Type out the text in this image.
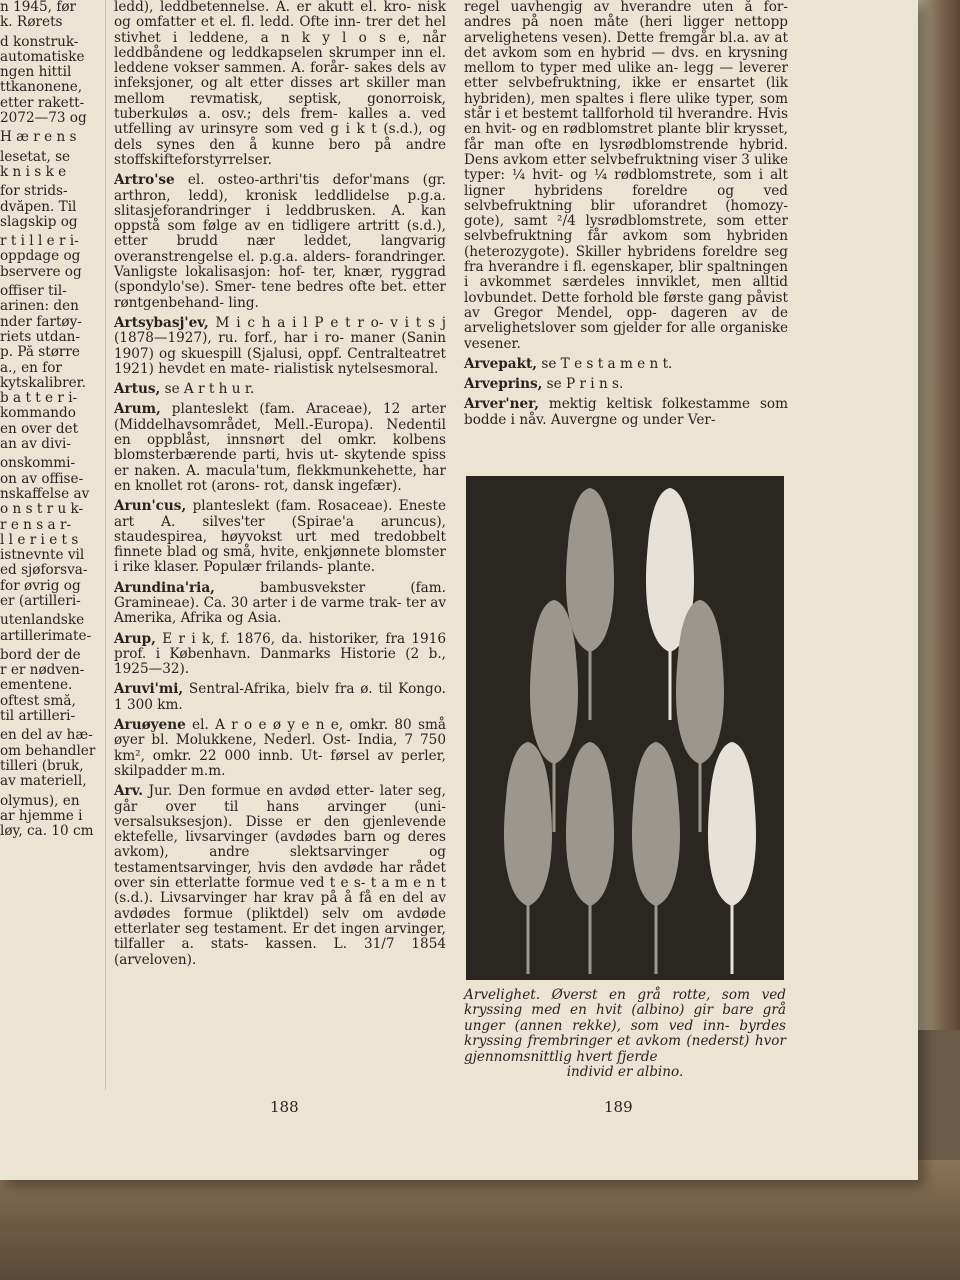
n 1945, før

k. Rørets

d konstruk-

automatiske

ngen hittil

ttkanonene,

etter rakett-

2072—73 og

H æ r e n s

lesetat, se

k n i s k e

for strids-

dvåpen. Til

slagskip og

r t i l l e r i-

oppdage og

bservere og

offiser til-

arinen: den

nder fartøy-

riets utdan-

p. På større

a., en for

kytskalibrer.

b a t t e r i-

kommando

en over det

an av divi-

onskommi-

on av offise-

nskaffelse av

o n s t r u k-

r e n s a r-

l l e r i e t s

istnevnte vil

ed sjøforsva-

for øvrig og

er (artilleri-

utenlandske

artillerimate-

bord der de

r er nødven-

ementene.

oftest små,

til artilleri-

en del av hæ-

om behandler

tilleri (bruk,

av materiell,

olymus), en

ar hjemme i

løy, ca. 10 cm

ledd), leddbetennelse. A. er akutt el. kro- nisk og omfatter et el. fl. ledd. Ofte inn- trer det hel stivhet i leddene, a n k y l o s e, når leddbåndene og leddkapselen skrumper inn el. leddene vokser sammen. A. forår- sakes dels av infeksjoner, og alt etter disses art skiller man mellom revmatisk, septisk, gonorroisk, tuberkuløs a. osv.; dels frem- kalles a. ved utfelling av urinsyre som ved g i k t (s.d.), og dels synes den å kunne bero på andre stoffskifteforstyrrelser.

Artro'se el. osteo-arthri'tis defor'mans (gr. arthron, ledd), kronisk leddlidelse p.g.a. slitasjeforandringer i leddbrusken. A. kan oppstå som følge av en tidligere artritt (s.d.), etter brudd nær leddet, langvarig overanstrengelse el. p.g.a. alders- forandringer. Vanligste lokalisasjon: hof- ter, knær, ryggrad (spondylo'se). Smer- tene bedres ofte bet. etter røntgenbehand- ling.

Artsybasj'ev, M i c h a i l P e t r o- v i t s j (1878—1927), ru. forf., har i ro- maner (Sanin 1907) og skuespill (Sjalusi, oppf. Centralteatret 1921) hevdet en mate- rialistisk nytelsesmoral.

Artus, se A r t h u r.

Arum, planteslekt (fam. Araceae), 12 arter (Middelhavsområdet, Mell.-Europa). Nedentil en oppblåst, innsnørt del omkr. kolbens blomsterbærende parti, hvis ut- skytende spiss er naken. A. macula'tum, flekkmunkehette, har en knollet rot (arons- rot, dansk ingefær).

Arun'cus, planteslekt (fam. Rosaceae). Eneste art A. silves'ter (Spirae'a aruncus), staudespirea, høyvokst urt med tredobbelt finnete blad og små, hvite, enkjønnete blomster i rike klaser. Populær frilands- plante.

Arundina'ria, bambusvekster (fam. Gramineae). Ca. 30 arter i de varme trak- ter av Amerika, Afrika og Asia.

Arup, E r i k, f. 1876, da. historiker, fra 1916 prof. i København. Danmarks Historie (2 b., 1925—32).

Aruvi'mi, Sentral-Afrika, bielv fra ø. til Kongo. 1 300 km.

Aruøyene el. A r o e ø y e n e, omkr. 80 små øyer bl. Molukkene, Nederl. Ost- India, 7 750 km², omkr. 22 000 innb. Ut- førsel av perler, skilpadder m.m.

Arv. Jur. Den formue en avdød etter- later seg, går over til hans arvinger (uni- versalsuksesjon). Disse er den gjenlevende ektefelle, livsarvinger (avdødes barn og deres avkom), andre slektsarvinger og testamentsarvinger, hvis den avdøde har rådet over sin etterlatte formue ved t e s- t a m e n t (s.d.). Livsarvinger har krav på å få en del av avdødes formue (pliktdel) selv om avdøde etterlater seg testament. Er det ingen arvinger, tilfaller a. stats- kassen. L. 31/7 1854 (arveloven).

regel uavhengig av hverandre uten å for- andres på noen måte (heri ligger nettopp arvelighetens vesen). Dette fremgår bl.a. av at det avkom som en hybrid — dvs. en krysning mellom to typer med ulike an- legg — leverer etter selvbefruktning, ikke er ensartet (lik hybriden), men spaltes i flere ulike typer, som står i et bestemt tallforhold til hverandre. Hvis en hvit- og en rødblomstret plante blir krysset, får man ofte en lysrødblomstrende hybrid. Dens avkom etter selvbefruktning viser 3 ulike typer: ¼ hvit- og ¼ rødblomstrete, som i alt ligner hybridens foreldre og ved selvbefruktning blir uforandret (homozy- gote), samt ²/4 lysrødblomstrete, som etter selvbefruktning får avkom som hybriden (heterozygote). Skiller hybridens foreldre seg fra hverandre i fl. egenskaper, blir spaltningen i avkommet særdeles innviklet, men alltid lovbundet. Dette forhold ble første gang påvist av Gregor Mendel, opp- dageren av de arvelighetslover som gjelder for alle organiske vesener.

Arvepakt, se T e s t a m e n t.

Arveprins, se P r i n s.

Arver'ner, mektig keltisk folkestamme som bodde i nåv. Auvergne og under Ver-

Arvelighet. Øverst en grå rotte, som ved kryssing med en hvit (albino) gir bare grå unger (annen rekke), som ved inn- byrdes kryssing frembringer et avkom (nederst) hvor gjennomsnittlig hvert fjerde
individ er albino.
188	189
